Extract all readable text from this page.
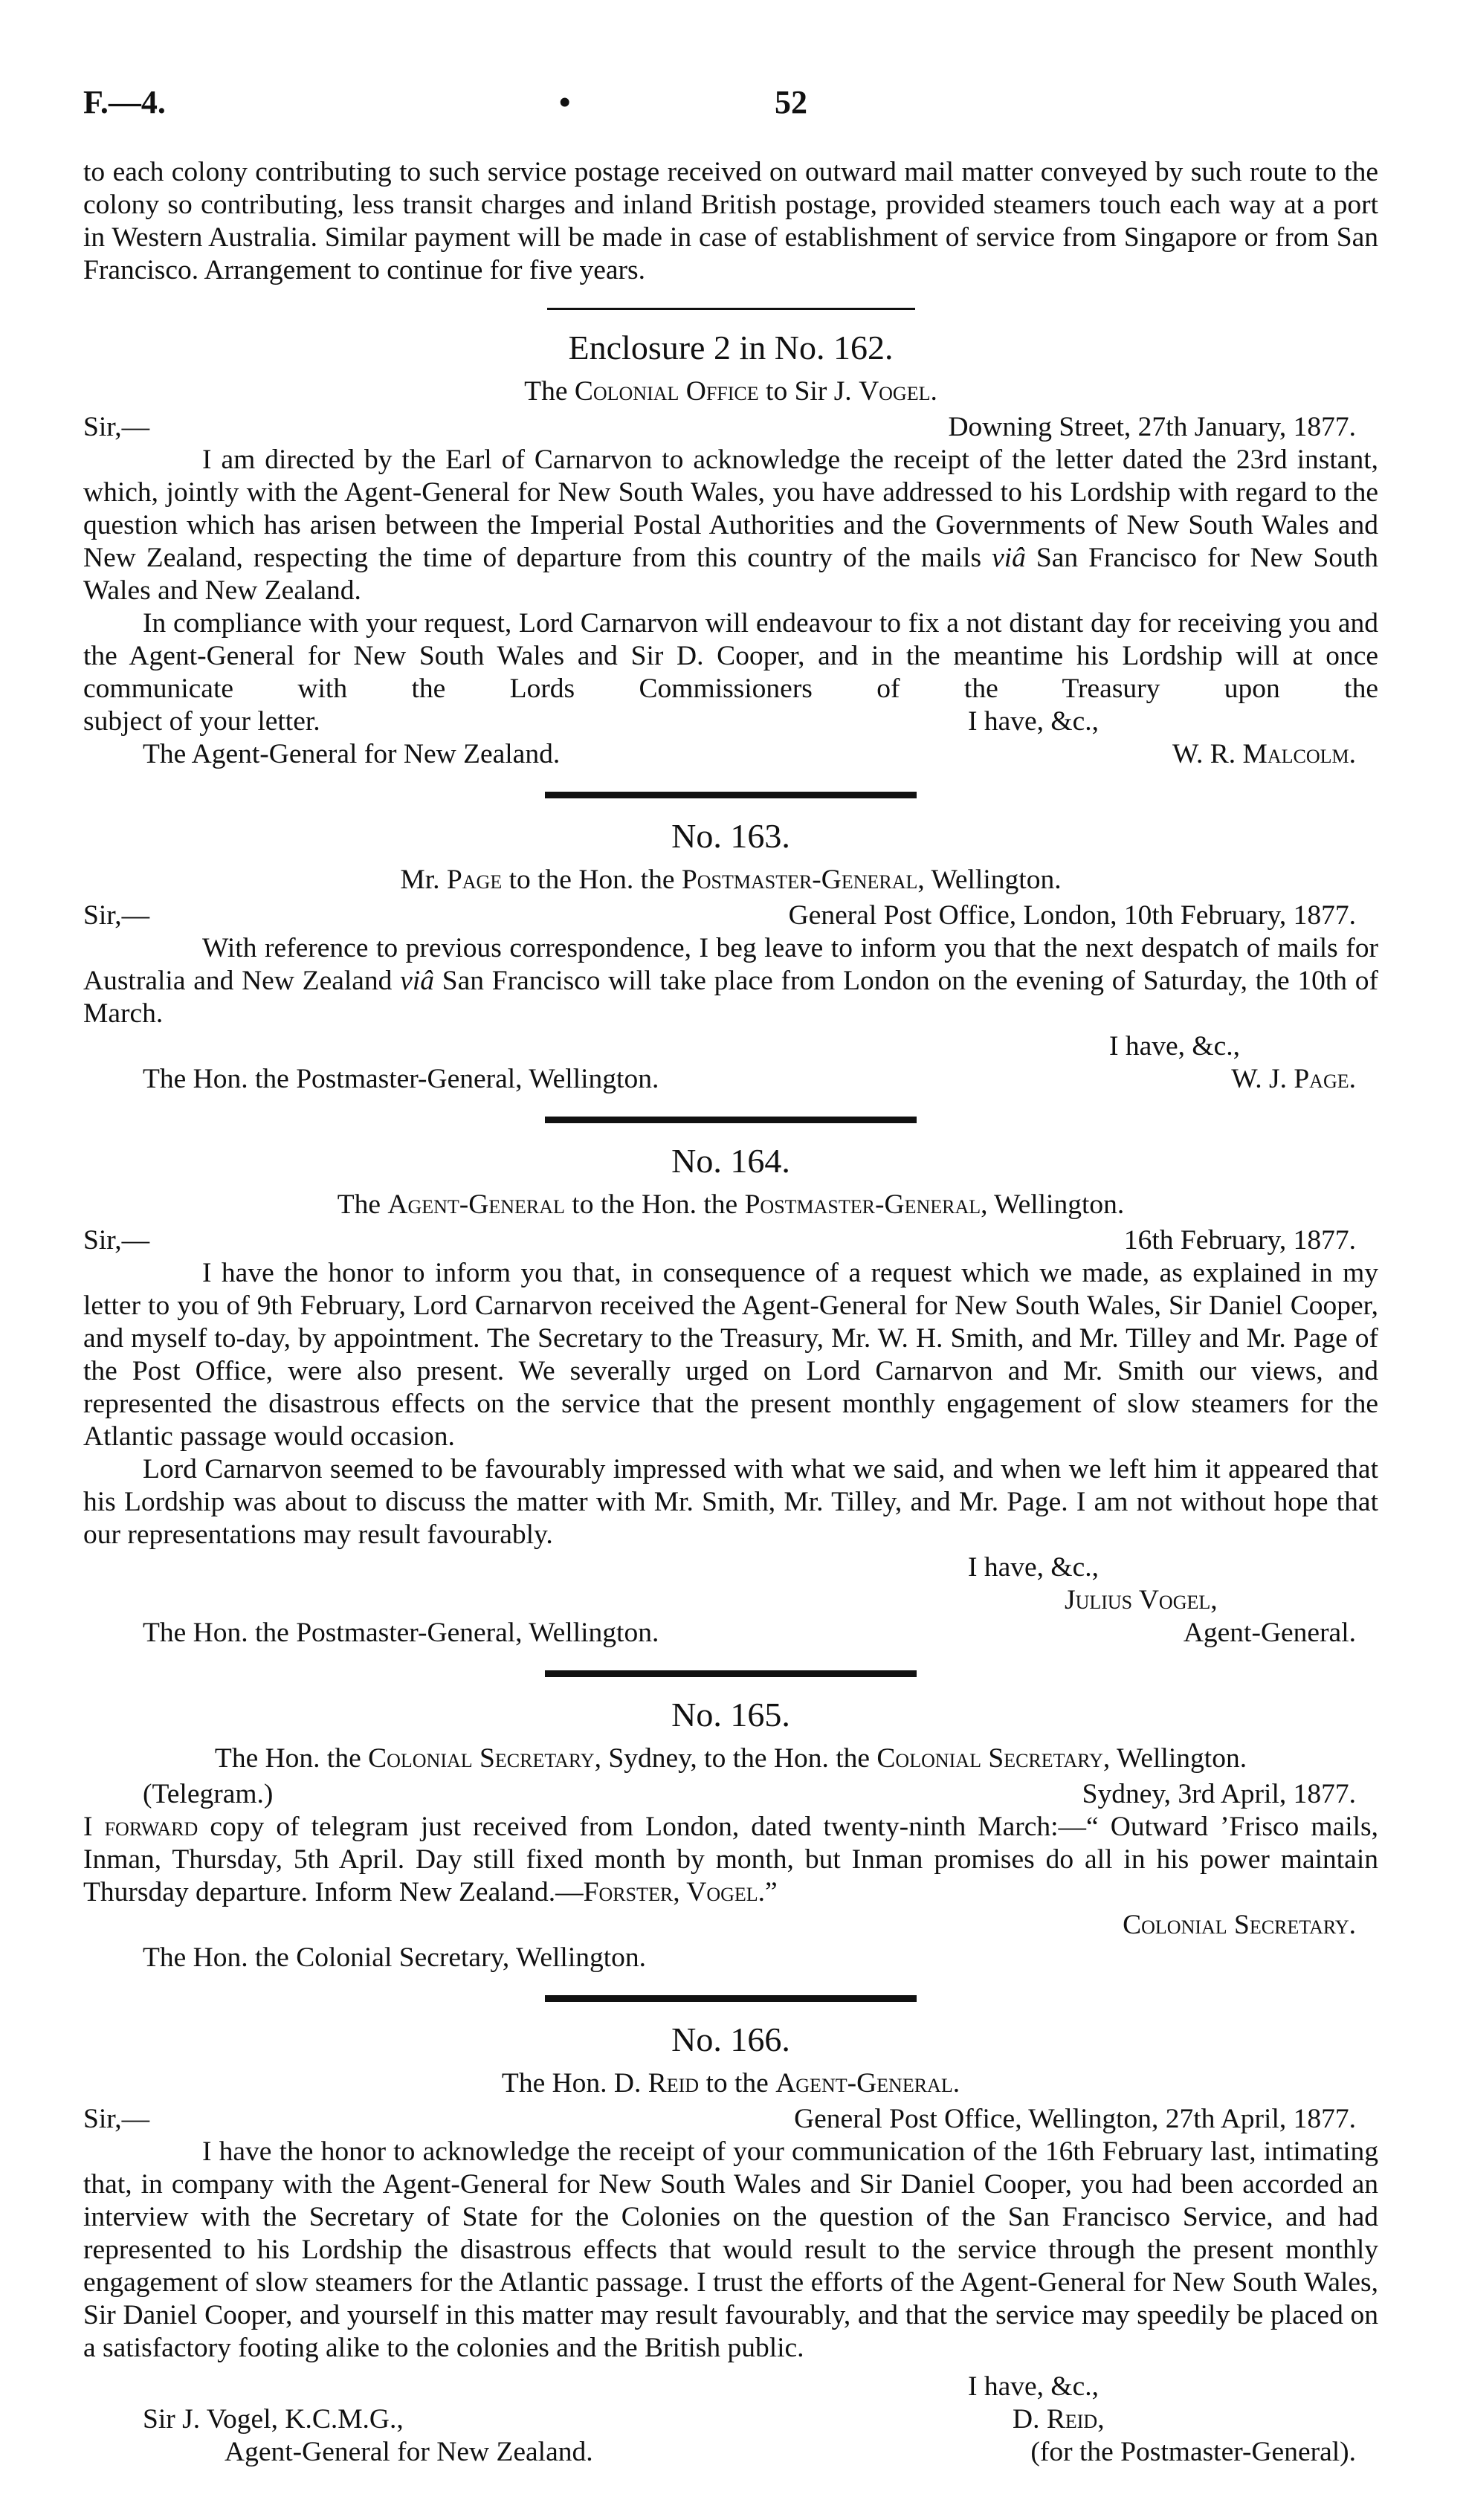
F.—4.	•	52

to each colony contributing to such service postage received on outward mail matter conveyed by such route to the colony so contributing, less transit charges and inland British postage, provided steamers touch each way at a port in Western Australia. Similar payment will be made in case of establishment of service from Singapore or from San Francisco. Arrangement to continue for five years.

Enclosure 2 in No. 162.
The Colonial Office to Sir J. Vogel.
Sir,—	Downing Street, 27th January, 1877.

I am directed by the Earl of Carnarvon to acknowledge the receipt of the letter dated the 23rd instant, which, jointly with the Agent-General for New South Wales, you have addressed to his Lordship with regard to the question which has arisen between the Imperial Postal Authorities and the Governments of New South Wales and New Zealand, respecting the time of departure from this country of the mails viâ San Francisco for New South Wales and New Zealand.

In compliance with your request, Lord Carnarvon will endeavour to fix a not distant day for receiving you and the Agent-General for New South Wales and Sir D. Cooper, and in the meantime his Lordship will at once communicate with the Lords Commissioners of the Treasury upon the

subject of your letter.	I have, &c.,
The Agent-General for New Zealand.	W. R. Malcolm.
No. 163.
Mr. Page to the Hon. the Postmaster-General, Wellington.
Sir,—	General Post Office, London, 10th February, 1877.

With reference to previous correspondence, I beg leave to inform you that the next despatch of mails for Australia and New Zealand viâ San Francisco will take place from London on the evening of Saturday, the 10th of March.

I have, &c.,
The Hon. the Postmaster-General, Wellington.	W. J. Page.
No. 164.
The Agent-General to the Hon. the Postmaster-General, Wellington.
Sir,—	16th February, 1877.

I have the honor to inform you that, in consequence of a request which we made, as explained in my letter to you of 9th February, Lord Carnarvon received the Agent-General for New South Wales, Sir Daniel Cooper, and myself to-day, by appointment. The Secretary to the Treasury, Mr. W. H. Smith, and Mr. Tilley and Mr. Page of the Post Office, were also present. We severally urged on Lord Carnarvon and Mr. Smith our views, and represented the disastrous effects on the service that the present monthly engagement of slow steamers for the Atlantic passage would occasion.

Lord Carnarvon seemed to be favourably impressed with what we said, and when we left him it appeared that his Lordship was about to discuss the matter with Mr. Smith, Mr. Tilley, and Mr. Page. I am not without hope that our representations may result favourably.

I have, &c.,
Julius Vogel,
The Hon. the Postmaster-General, Wellington.	Agent-General.
No. 165.
The Hon. the Colonial Secretary, Sydney, to the Hon. the Colonial Secretary, Wellington.
(Telegram.)	Sydney, 3rd April, 1877.

I forward copy of telegram just received from London, dated twenty-ninth March:—“ Outward ’Frisco mails, Inman, Thursday, 5th April. Day still fixed month by month, but Inman promises do all in his power maintain Thursday departure. Inform New Zealand.—Forster, Vogel.”

Colonial Secretary.
The Hon. the Colonial Secretary, Wellington.
No. 166.
The Hon. D. Reid to the Agent-General.
Sir,—	General Post Office, Wellington, 27th April, 1877.

I have the honor to acknowledge the receipt of your communication of the 16th February last, intimating that, in company with the Agent-General for New South Wales and Sir Daniel Cooper, you had been accorded an interview with the Secretary of State for the Colonies on the question of the San Francisco Service, and had represented to his Lordship the disastrous effects that would result to the service through the present monthly engagement of slow steamers for the Atlantic passage. I trust the efforts of the Agent-General for New South Wales, Sir Daniel Cooper, and yourself in this matter may result favourably, and that the service may speedily be placed on a satisfactory footing alike to the colonies and the British public.

I have, &c.,
Sir J. Vogel, K.C.M.G.,	D. Reid,
Agent-General for New Zealand.	(for the Postmaster-General).
